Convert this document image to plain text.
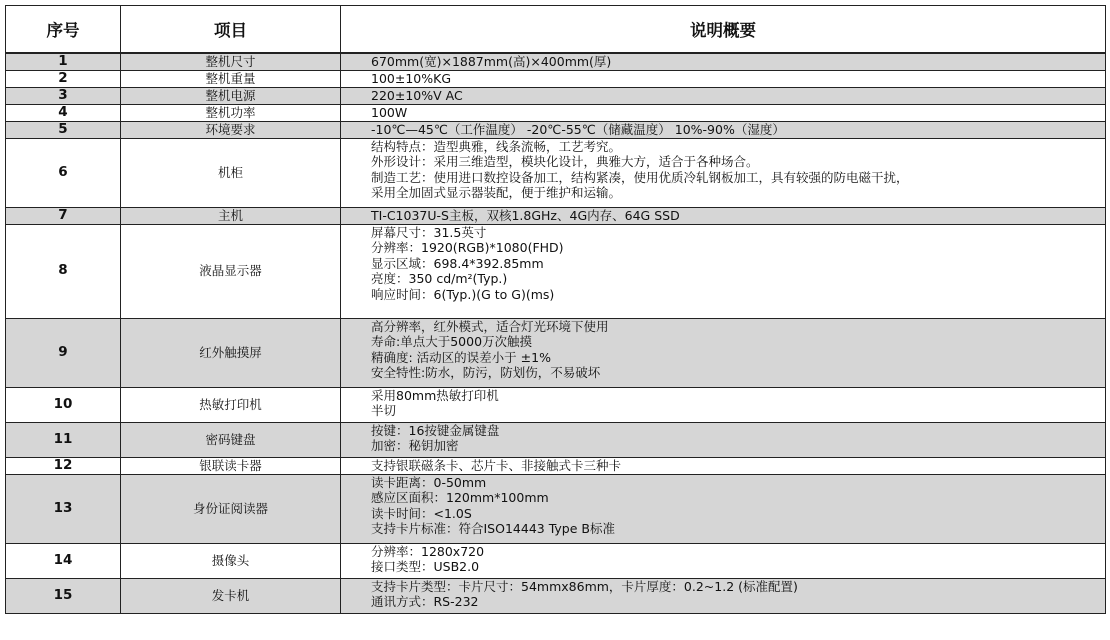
序号	项目	说明概要
1	整机尺寸	670mm(宽)×1887mm(高)×400mm(厚)

2	整机重量	100±10%KG

3	整机电源	220±10%V AC

4	整机功率	100W

5	环境要求	-10℃—45℃（工作温度） -20℃-55℃（储藏温度） 10%-90%（湿度）

6	机柜	结构特点：造型典雅，线条流畅，工艺考究。
外形设计：采用三维造型，模块化设计，典雅大方，适合于各种场合。
制造工艺：使用进口数控设备加工，结构紧凑，使用优质冷轧钢板加工，具有较强的防电磁干扰，
采用全加固式显示器装配，便于维护和运输。

7	主机	TI-C1037U-S主板，双核1.8GHz、4G内存、64G SSD

8	液晶显示器	屏幕尺寸：31.5英寸
分辨率：1920(RGB)*1080(FHD)
显示区域：698.4*392.85mm
亮度：350 cd/m²(Typ.)
响应时间：6(Typ.)(G to G)(ms)

9	红外触摸屏	高分辨率，红外模式，适合灯光环境下使用
寿命:单点大于5000万次触摸
精确度: 活动区的误差小于 ±1%
安全特性:防水，防污，防划伤，不易破坏

10	热敏打印机	采用80mm热敏打印机
半切

11	密码键盘	按键：16按键金属键盘
加密：秘钥加密

12	银联读卡器	支持银联磁条卡、芯片卡、非接触式卡三种卡

13	身份证阅读器	读卡距离：0-50mm
感应区面积：120mm*100mm
读卡时间：<1.0S
支持卡片标准：符合ISO14443 Type B标准

14	摄像头	分辨率：1280x720
接口类型：USB2.0

15	发卡机	支持卡片类型：卡片尺寸：54mmx86mm，卡片厚度：0.2~1.2 (标准配置)
通讯方式：RS-232
